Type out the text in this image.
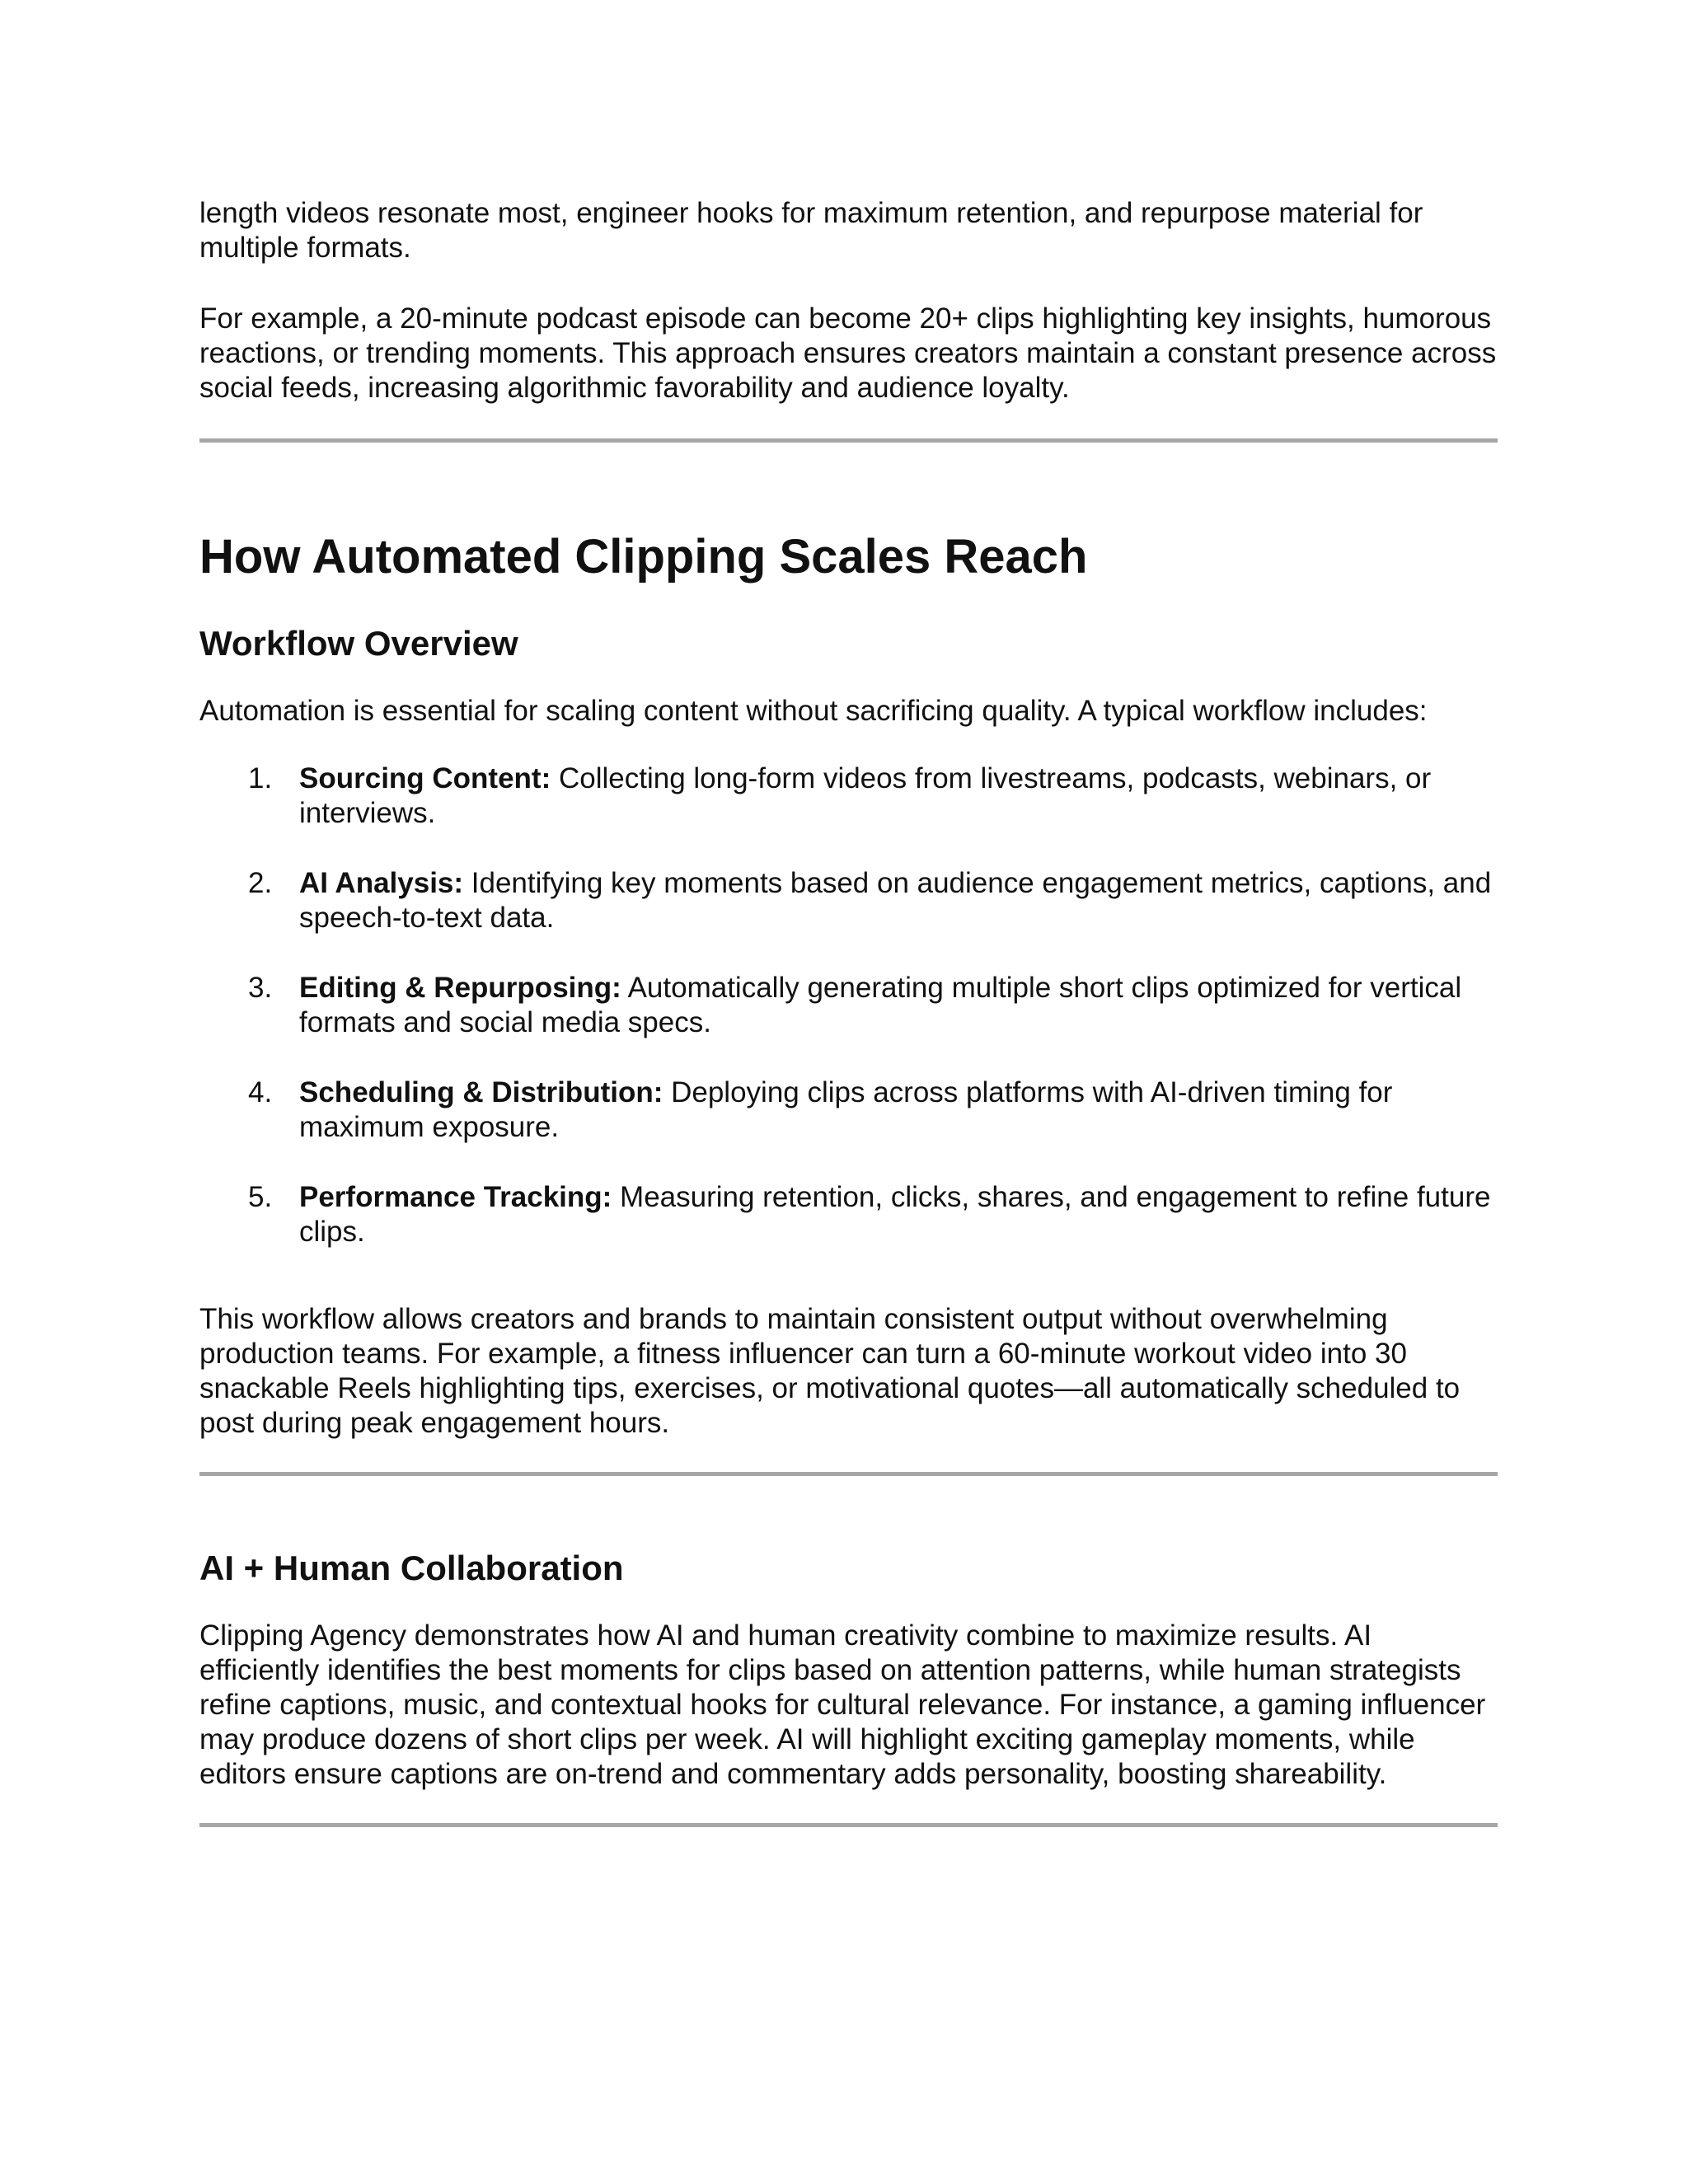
length videos resonate most, engineer hooks for maximum retention, and repurpose material for multiple formats.

For example, a 20-minute podcast episode can become 20+ clips highlighting key insights, humorous reactions, or trending moments. This approach ensures creators maintain a constant presence across social feeds, increasing algorithmic favorability and audience loyalty.

How Automated Clipping Scales Reach
Workflow Overview

Automation is essential for scaling content without sacrificing quality. A typical workflow includes:

1. Sourcing Content: Collecting long-form videos from livestreams, podcasts, webinars, or interviews.
2. AI Analysis: Identifying key moments based on audience engagement metrics, captions, and speech-to-text data.
3. Editing & Repurposing: Automatically generating multiple short clips optimized for vertical formats and social media specs.
4. Scheduling & Distribution: Deploying clips across platforms with AI-driven timing for maximum exposure.
5. Performance Tracking: Measuring retention, clicks, shares, and engagement to refine future clips.

This workflow allows creators and brands to maintain consistent output without overwhelming production teams. For example, a fitness influencer can turn a 60-minute workout video into 30 snackable Reels highlighting tips, exercises, or motivational quotes—all automatically scheduled to post during peak engagement hours.

AI + Human Collaboration

Clipping Agency demonstrates how AI and human creativity combine to maximize results. AI efficiently identifies the best moments for clips based on attention patterns, while human strategists refine captions, music, and contextual hooks for cultural relevance. For instance, a gaming influencer may produce dozens of short clips per week. AI will highlight exciting gameplay moments, while editors ensure captions are on-trend and commentary adds personality, boosting shareability.
